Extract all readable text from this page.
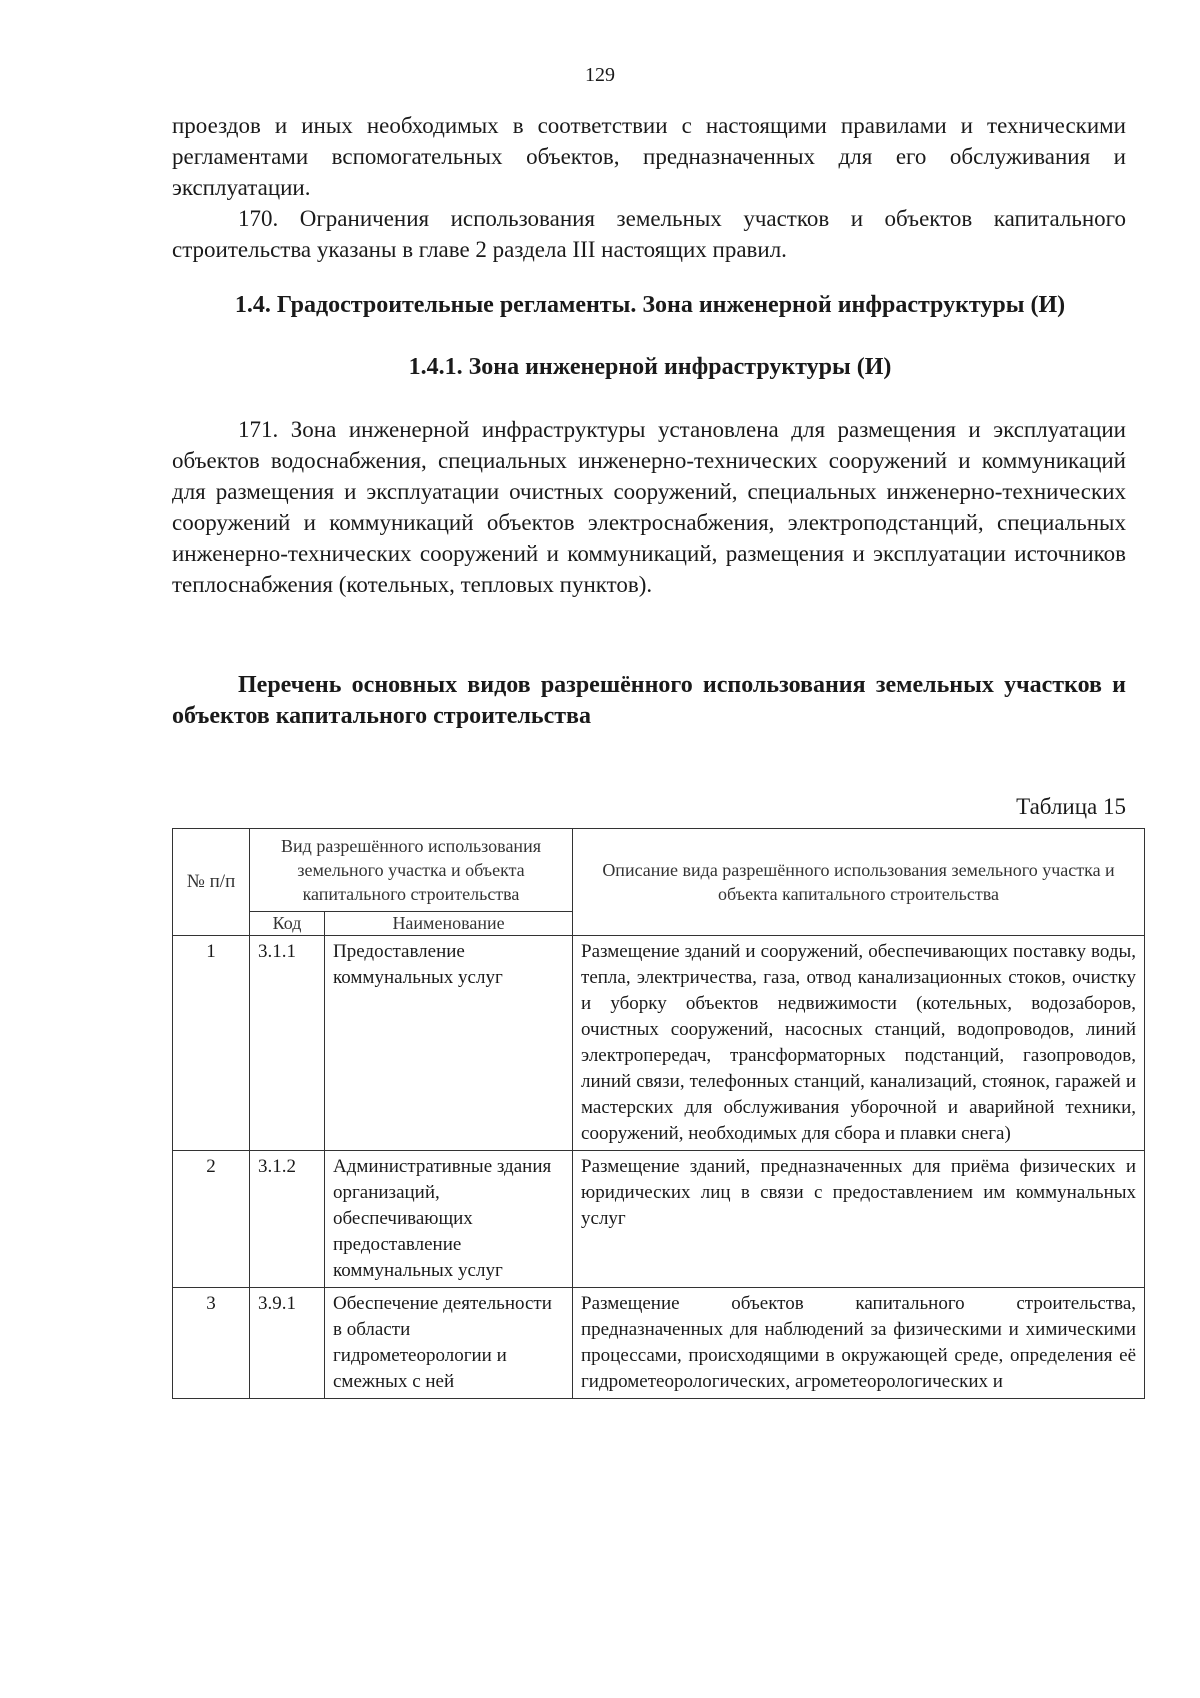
129
проездов и иных необходимых в соответствии с настоящими правилами и техническими регламентами вспомогательных объектов, предназначенных для его обслуживания и эксплуатации.
170. Ограничения использования земельных участков и объектов капитального строительства указаны в главе 2 раздела III настоящих правил.
1.4. Градостроительные регламенты. Зона инженерной инфраструктуры (И)
1.4.1. Зона инженерной инфраструктуры (И)
171. Зона инженерной инфраструктуры установлена для размещения и эксплуатации объектов водоснабжения, специальных инженерно-технических сооружений и коммуникаций для размещения и эксплуатации очистных сооружений, специальных инженерно-технических сооружений и коммуникаций объектов электроснабжения, электроподстанций, специальных инженерно-технических сооружений и коммуникаций, размещения и эксплуатации источников теплоснабжения (котельных, тепловых пунктов).
Перечень основных видов разрешённого использования земельных участков и объектов капитального строительства
Таблица 15
№ п/п	Вид разрешённого использования земельного участка и объекта капитального строительства		Описание вида разрешённого использования земельного участка и объекта капитального строительства
	Код	Наименование	
1	3.1.1	Предоставление коммунальных услуг	Размещение зданий и сооружений, обеспечивающих поставку воды, тепла, электричества, газа, отвод канализационных стоков, очистку и уборку объектов недвижимости (котельных, водозаборов, очистных сооружений, насосных станций, водопроводов, линий электропередач, трансформаторных подстанций, газопроводов, линий связи, телефонных станций, канализаций, стоянок, гаражей и мастерских для обслуживания уборочной и аварийной техники, сооружений, необходимых для сбора и плавки снега)
2	3.1.2	Административные здания организаций, обеспечивающих предоставление коммунальных услуг	Размещение зданий, предназначенных для приёма физических и юридических лиц в связи с предоставлением им коммунальных услуг
3	3.9.1	Обеспечение деятельности в области гидрометеорологии и смежных с ней	Размещение объектов капитального строительства, предназначенных для наблюдений за физическими и химическими процессами, происходящими в окружающей среде, определения её гидрометеорологических, агрометеорологических и
